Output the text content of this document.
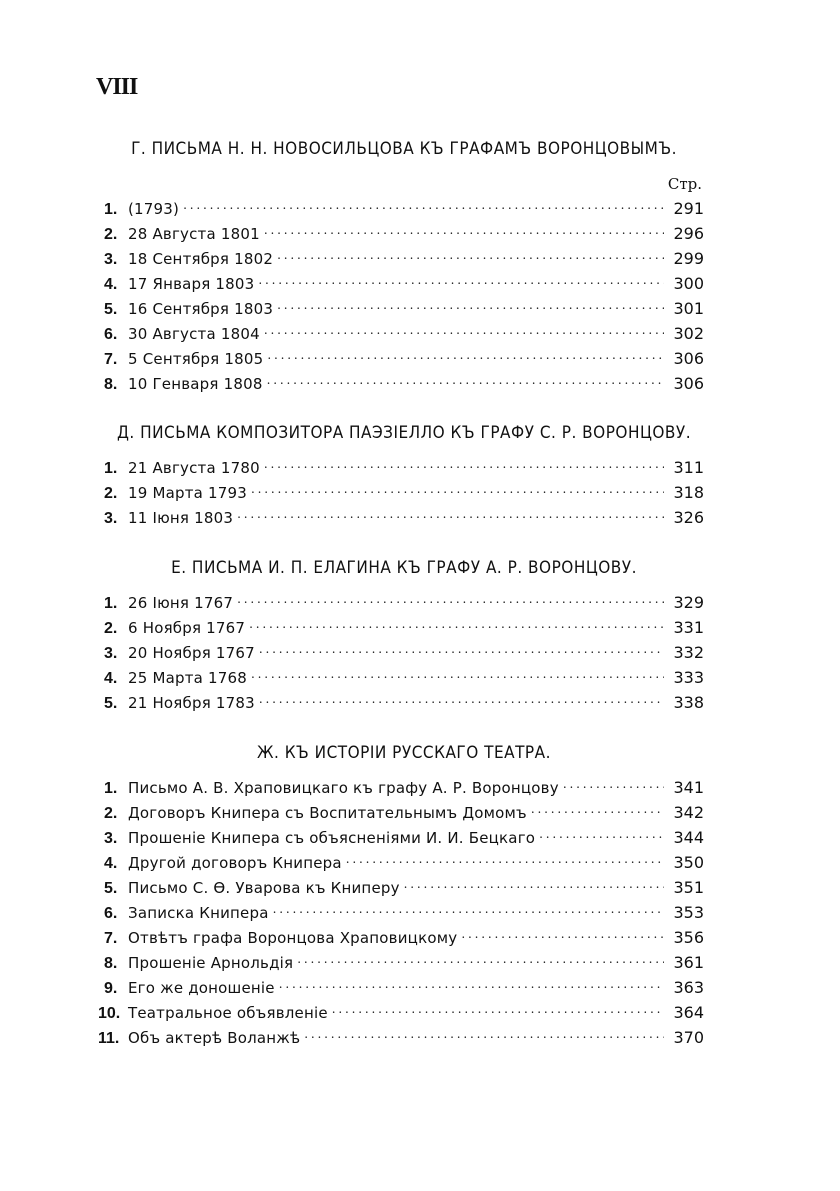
VIII
Г. ПИСЬМА Н. Н. НОВОСИЛЬЦОВА КЪ ГРАФАМЪ ВОРОНЦОВЫМЪ.
Стр.
1. (1793) . . .	291
2. 28 Августа 1801 . . .	296
3. 18 Сентября 1802 . . .	299
4. 17 Января 1803 . . .	300
5. 16 Сентября 1803 . . .	301
6. 30 Августа 1804 . . .	302
7. 5 Сентября 1805 . . .	306
8. 10 Генваря 1808 . . .	306
Д. ПИСЬМА КОМПОЗИТОРА ПАЭЗІЕЛЛО КЪ ГРАФУ С. Р. ВОРОНЦОВУ.
1. 21 Августа 1780 . . .	311
2. 19 Марта 1793 . . .	318
3. 11 Іюня 1803 . . .	326
Е. ПИСЬМА И. П. ЕЛАГИНА КЪ ГРАФУ А. Р. ВОРОНЦОВУ.
1. 26 Іюня 1767 . . .	329
2. 6 Ноября 1767 . . .	331
3. 20 Ноября 1767 . . .	332
4. 25 Марта 1768 . . .	333
5. 21 Ноября 1783 . . .	338
Ж. КЪ ИСТОРІИ РУССКАГО ТЕАТРА.
1. Письмо А. В. Храповицкаго къ графу А. Р. Воронцову . . .	341
2. Договоръ Книпера съ Воспитательнымъ Домомъ . . .	342
3. Прошеніе Книпера съ объясненіями И. И. Бецкаго . . .	344
4. Другой договоръ Книпера . . .	350
5. Письмо С. Ѳ. Уварова къ Книперу . . .	351
6. Записка Книпера . . .	353
7. Отвѣтъ графа Воронцова Храповицкому . . .	356
8. Прошеніе Арнольдія . . .	361
9. Его же доношеніе . . .	363
10. Театральное объявленіе . . .	364
11. Объ актерѣ Воланжѣ . . .	370
